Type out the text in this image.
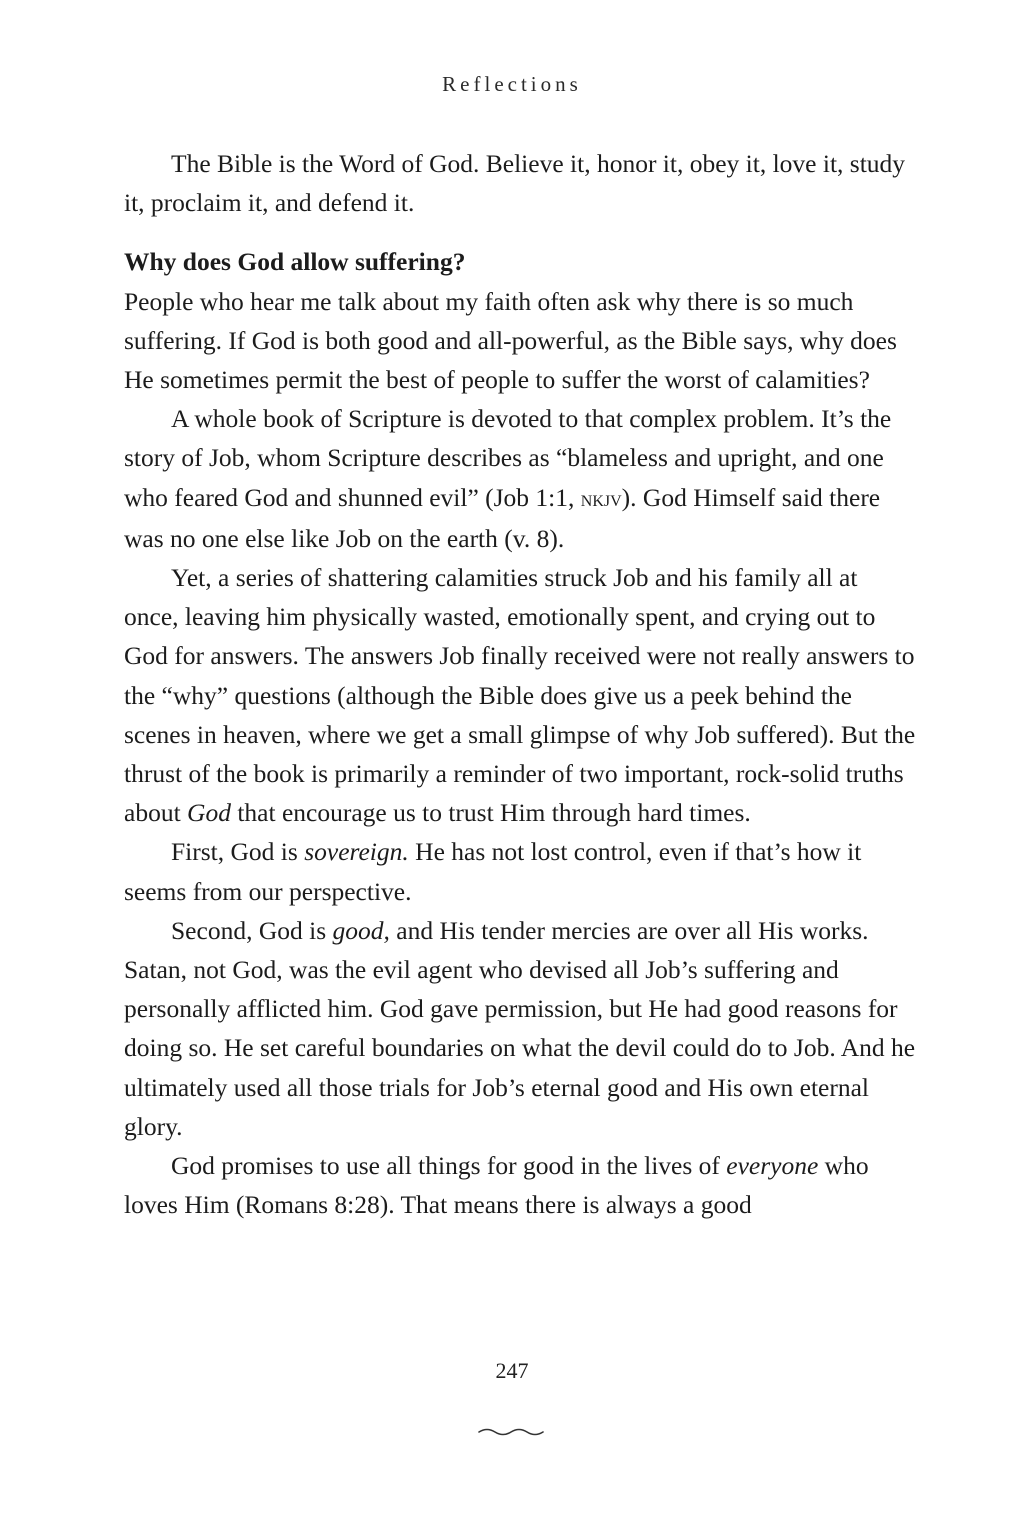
Reflections

The Bible is the Word of God. Believe it, honor it, obey it, love it, study it, proclaim it, and defend it.

Why does God allow suffering?

People who hear me talk about my faith often ask why there is so much suffering. If God is both good and all-powerful, as the Bible says, why does He sometimes permit the best of people to suffer the worst of calamities?

A whole book of Scripture is devoted to that complex problem. It’s the story of Job, whom Scripture describes as “blameless and upright, and one who feared God and shunned evil” (Job 1:1, nkjv). God Himself said there was no one else like Job on the earth (v. 8).

Yet, a series of shattering calamities struck Job and his family all at once, leaving him physically wasted, emotionally spent, and crying out to God for answers. The answers Job finally received were not really answers to the “why” questions (although the Bible does give us a peek behind the scenes in heaven, where we get a small glimpse of why Job suffered). But the thrust of the book is primarily a reminder of two important, rock-solid truths about God that encourage us to trust Him through hard times.

First, God is sovereign. He has not lost control, even if that’s how it seems from our perspective.

Second, God is good, and His tender mercies are over all His works. Satan, not God, was the evil agent who devised all Job’s suffering and personally afflicted him. God gave permission, but He had good reasons for doing so. He set careful boundaries on what the devil could do to Job. And he ultimately used all those trials for Job’s eternal good and His own eternal glory.

God promises to use all things for good in the lives of everyone who loves Him (Romans 8:28). That means there is always a good

247
